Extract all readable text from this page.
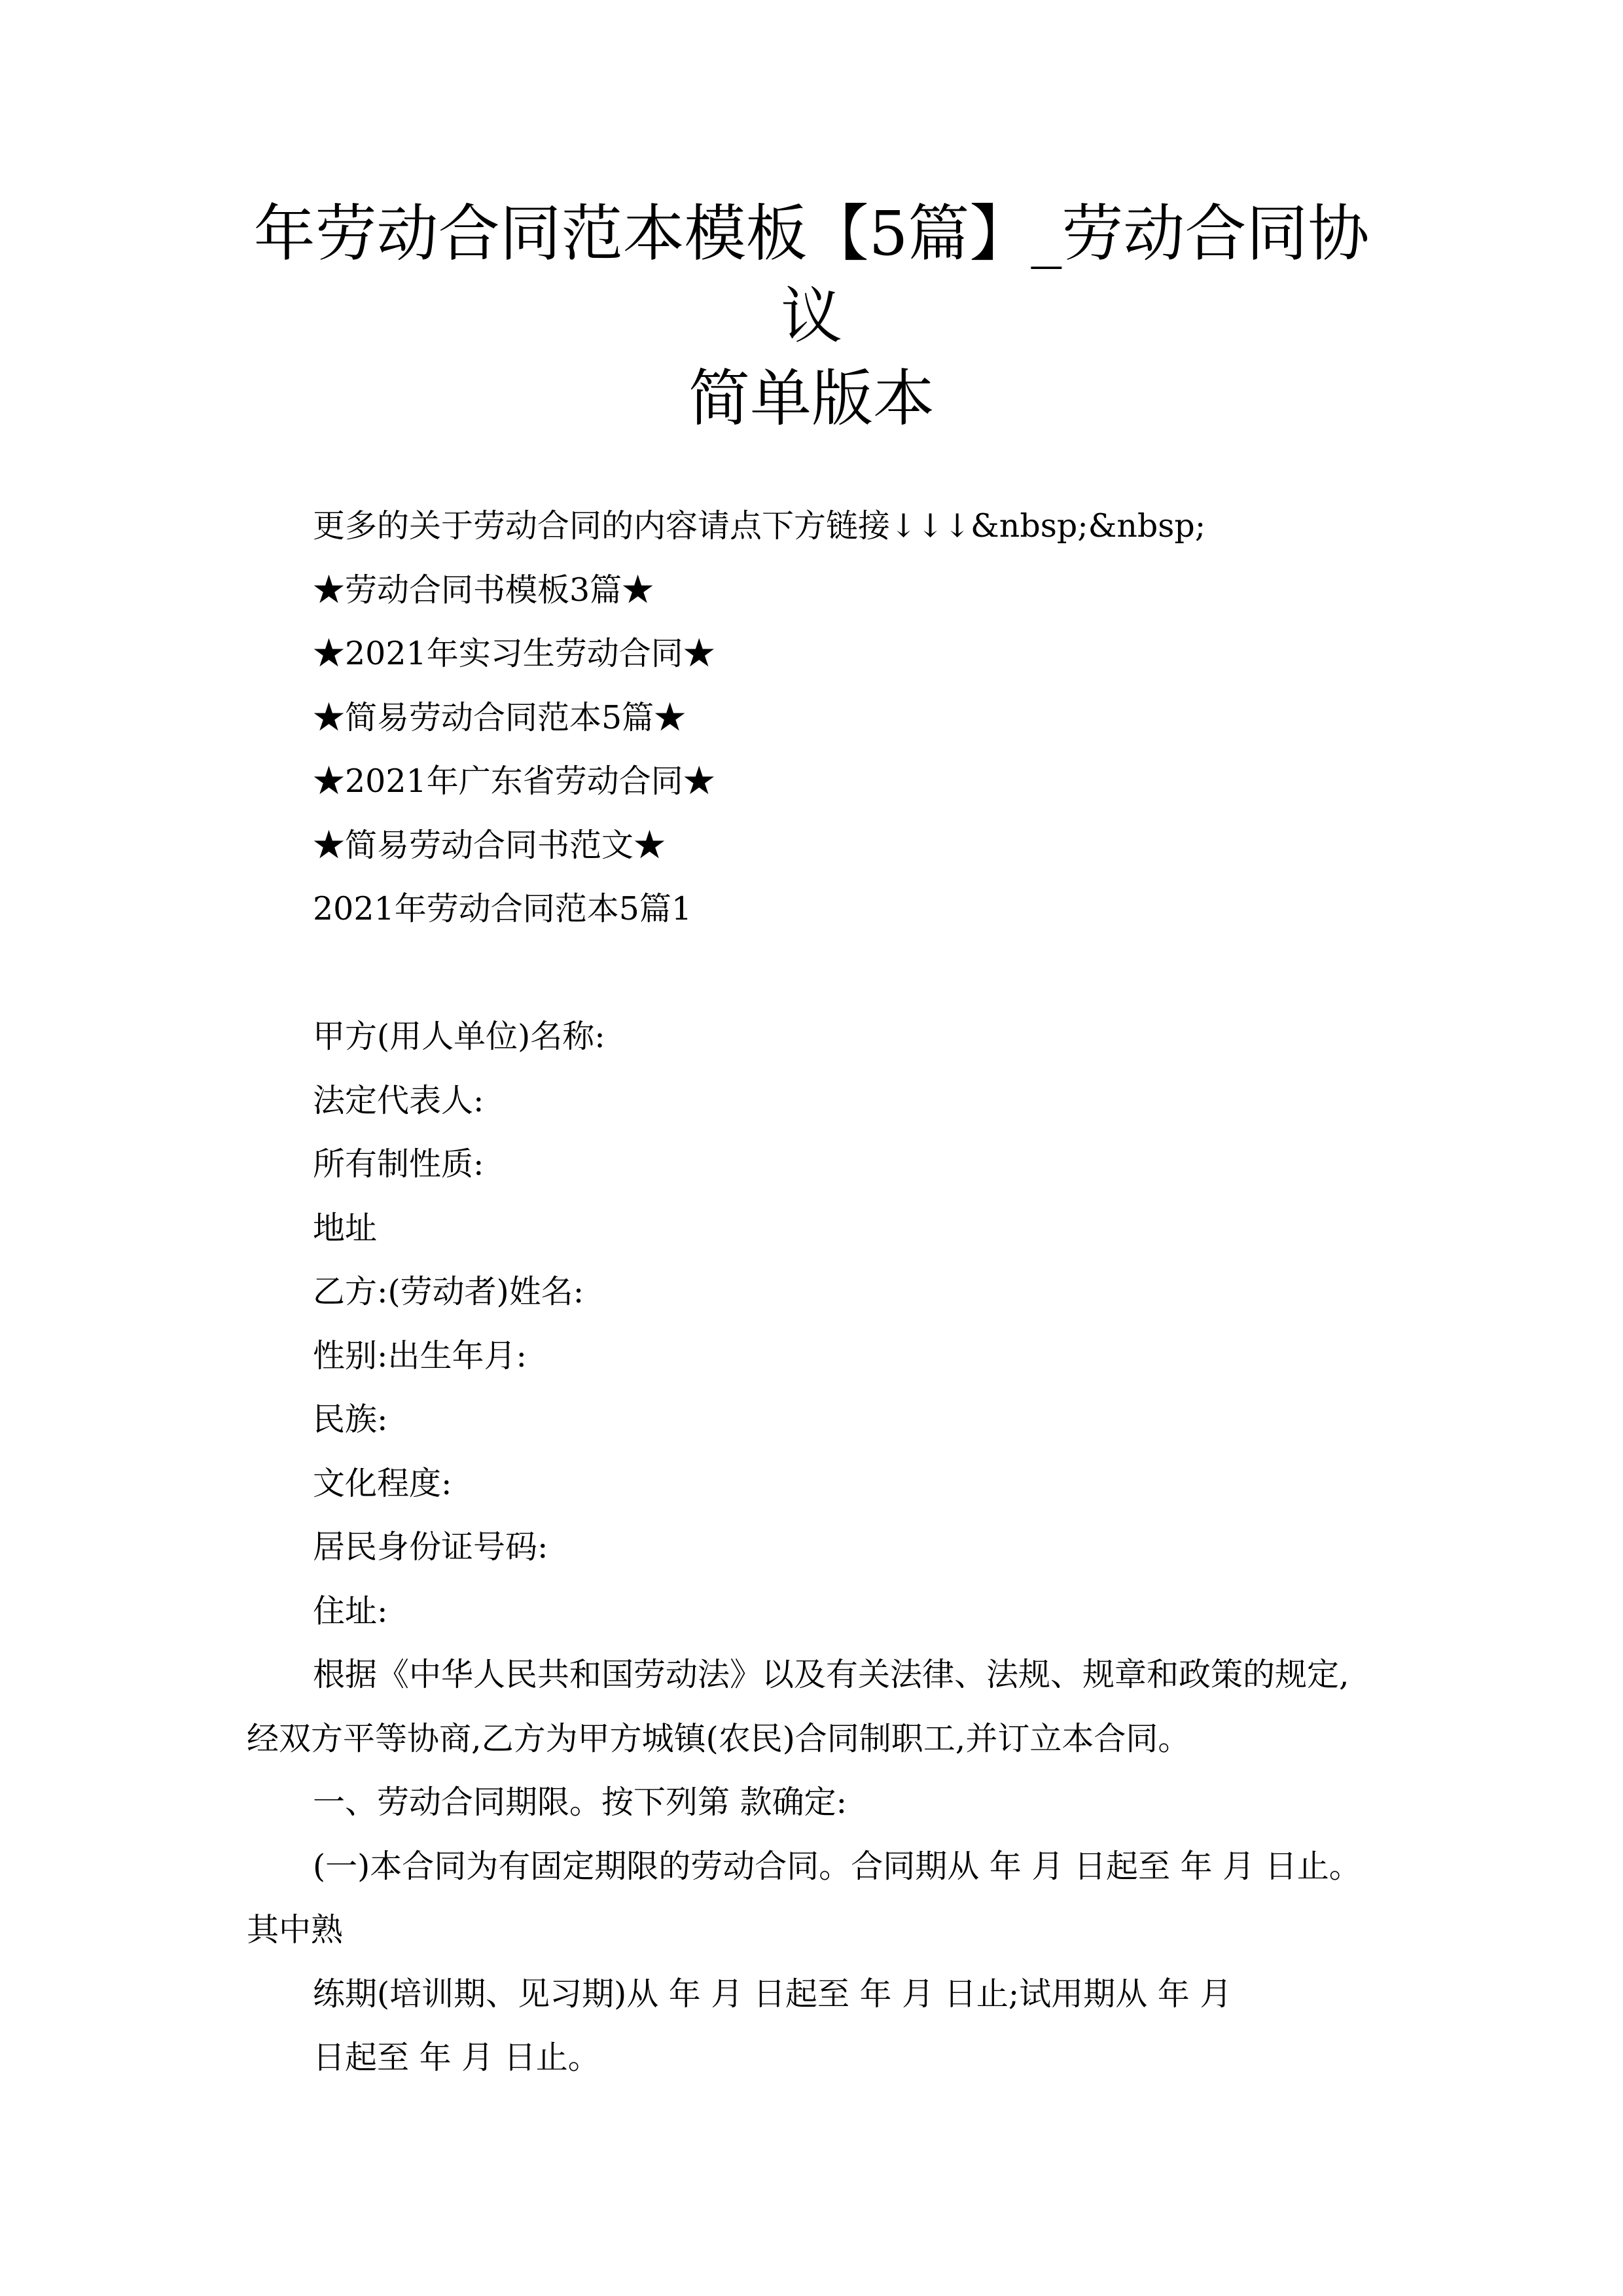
年劳动合同范本模板【5篇】_劳动合同协议
简单版本
更多的关于劳动合同的内容请点下方链接↓↓↓&nbsp;&nbsp;
★劳动合同书模板3篇★
★2021年实习生劳动合同★
★简易劳动合同范本5篇★
★2021年广东省劳动合同★
★简易劳动合同书范文★
2021年劳动合同范本5篇1
甲方(用人单位)名称:
法定代表人:
所有制性质:
地址
乙方:(劳动者)姓名:
性别:出生年月:
民族:
文化程度:
居民身份证号码:
住址:
根据《中华人民共和国劳动法》以及有关法律、法规、规章和政策的规定,
经双方平等协商,乙方为甲方城镇(农民)合同制职工,并订立本合同。
一、劳动合同期限。按下列第 款确定:
(一)本合同为有固定期限的劳动合同。合同期从 年 月 日起至 年 月 日止。
其中熟
练期(培训期、见习期)从 年 月 日起至 年 月 日止;试用期从 年 月
日起至 年 月 日止。
